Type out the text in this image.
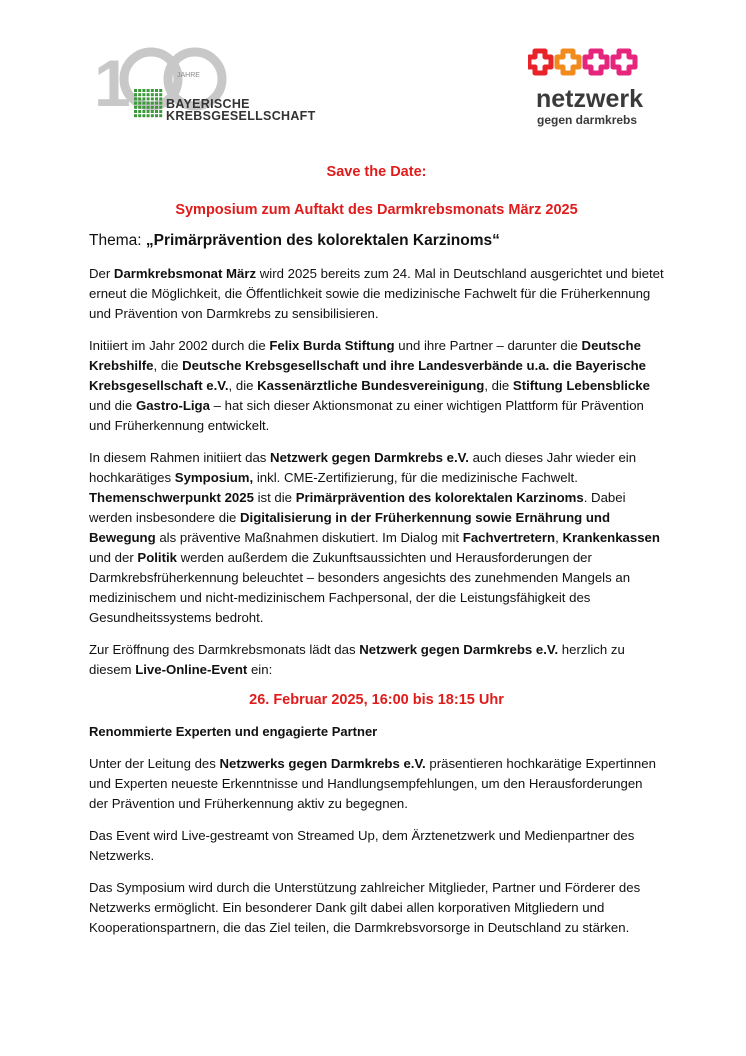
1	JAHRE
BAYERISCHE
KREBSGESELLSCHAFT
netzwerk
gegen darmkrebs
Save the Date:
Symposium zum Auftakt des Darmkrebsmonats März 2025

Thema: „Primärprävention des kolorektalen Karzinoms“

Der Darmkrebsmonat März wird 2025 bereits zum 24. Mal in Deutschland ausgerichtet und bietet erneut die Möglichkeit, die Öffentlichkeit sowie die medizinische Fachwelt für die Früherkennung und Prävention von Darmkrebs zu sensibilisieren.

Initiiert im Jahr 2002 durch die Felix Burda Stiftung und ihre Partner – darunter die Deutsche Krebshilfe, die Deutsche Krebsgesellschaft und ihre Landesverbände u.a. die Bayerische Krebsgesellschaft e.V., die Kassenärztliche Bundesvereinigung, die Stiftung Lebensblicke und die Gastro-Liga – hat sich dieser Aktionsmonat zu einer wichtigen Plattform für Prävention und Früherkennung entwickelt.

In diesem Rahmen initiiert das Netzwerk gegen Darmkrebs e.V. auch dieses Jahr wieder ein hochkarätiges Symposium, inkl. CME-Zertifizierung, für die medizinische Fachwelt. Themenschwerpunkt 2025 ist die Primärprävention des kolorektalen Karzinoms. Dabei werden insbesondere die Digitalisierung in der Früherkennung sowie Ernährung und Bewegung als präventive Maßnahmen diskutiert. Im Dialog mit Fachvertretern, Krankenkassen und der Politik werden außerdem die Zukunftsaussichten und Herausforderungen der Darmkrebsfrüherkennung beleuchtet – besonders angesichts des zunehmenden Mangels an medizinischem und nicht-medizinischem Fachpersonal, der die Leistungsfähigkeit des Gesundheitssystems bedroht.

Zur Eröffnung des Darmkrebsmonats lädt das Netzwerk gegen Darmkrebs e.V. herzlich zu diesem Live-Online-Event ein:

26. Februar 2025, 16:00 bis 18:15 Uhr

Renommierte Experten und engagierte Partner

Unter der Leitung des Netzwerks gegen Darmkrebs e.V. präsentieren hochkarätige Expertinnen und Experten neueste Erkenntnisse und Handlungsempfehlungen, um den Herausforderungen der Prävention und Früherkennung aktiv zu begegnen.

Das Event wird Live-gestreamt von Streamed Up, dem Ärztenetzwerk und Medienpartner des Netzwerks.

Das Symposium wird durch die Unterstützung zahlreicher Mitglieder, Partner und Förderer des Netzwerks ermöglicht. Ein besonderer Dank gilt dabei allen korporativen Mitgliedern und Kooperationspartnern, die das Ziel teilen, die Darmkrebsvorsorge in Deutschland zu stärken.
